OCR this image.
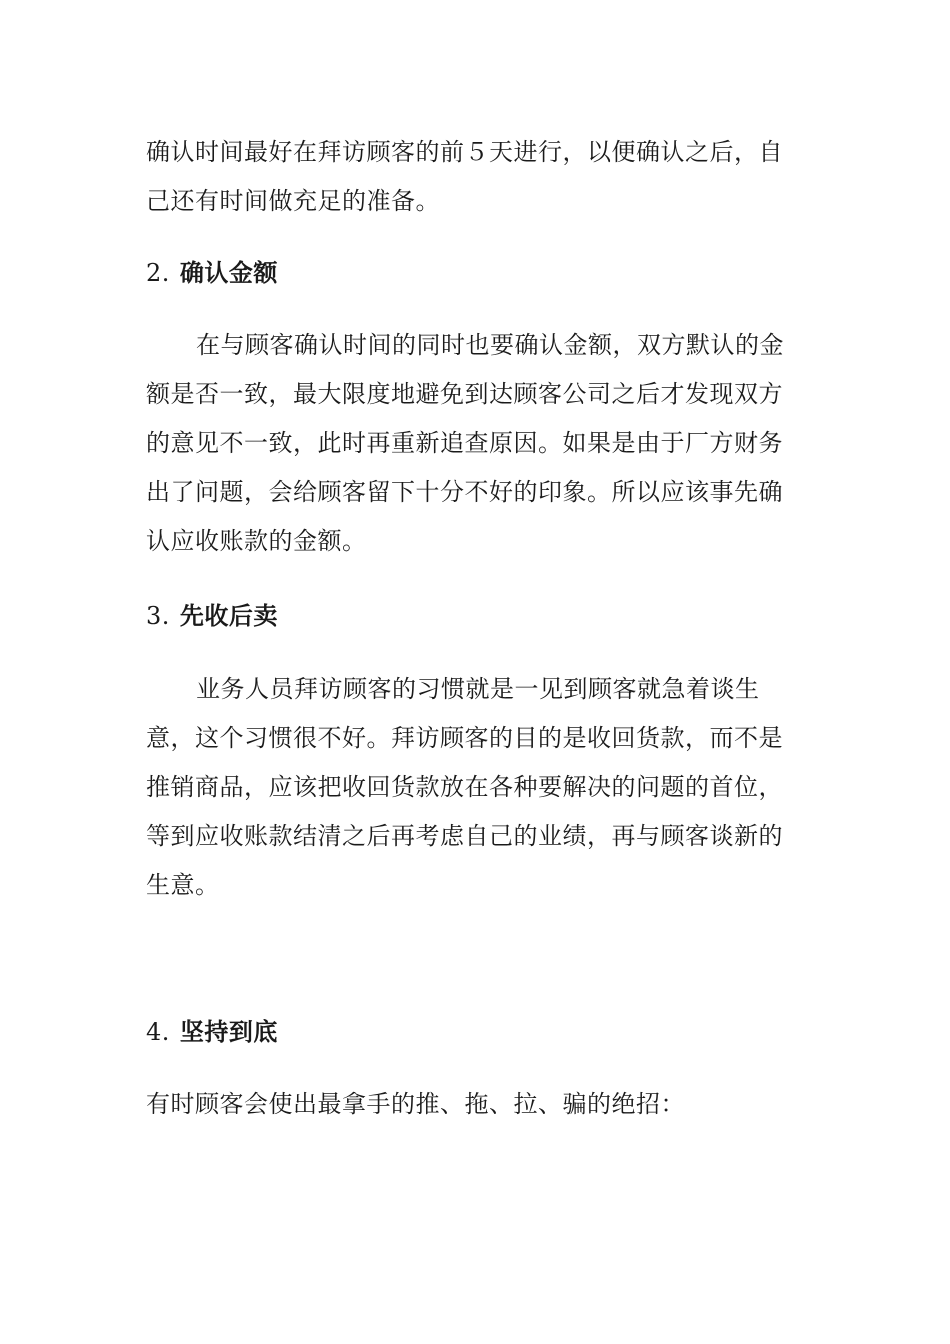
确认时间最好在拜访顾客的前５天进行，以便确认之后，自己还有时间做充足的准备。

2. 确认金额

在与顾客确认时间的同时也要确认金额，双方默认的金额是否一致，最大限度地避免到达顾客公司之后才发现双方的意见不一致，此时再重新追查原因。如果是由于厂方财务出了问题，会给顾客留下十分不好的印象。所以应该事先确认应收账款的金额。

3. 先收后卖

业务人员拜访顾客的习惯就是一见到顾客就急着谈生意，这个习惯很不好。拜访顾客的目的是收回货款，而不是推销商品，应该把收回货款放在各种要解决的问题的首位，等到应收账款结清之后再考虑自己的业绩，再与顾客谈新的生意。

4. 坚持到底

有时顾客会使出最拿手的推、拖、拉、骗的绝招：
